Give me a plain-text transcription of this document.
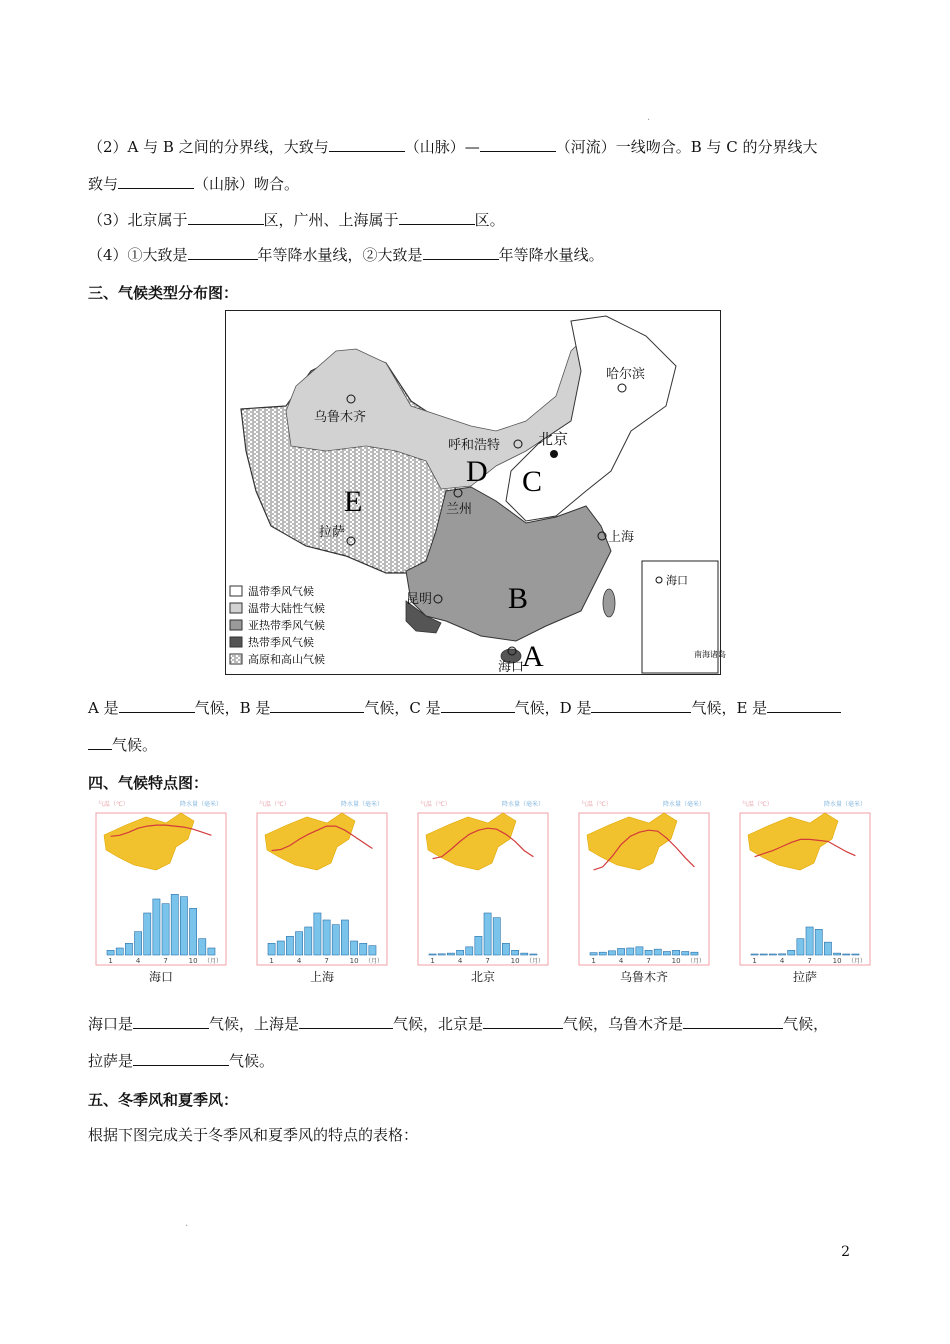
.
（2）A 与 B 之间的分界线，大致与	（山脉）—	（河流）一线吻合。B 与 C 的分界线大
致与	（山脉）吻合。
（3）北京属于	区，广州、上海属于	区。
（4）①大致是	年等降水量线，②大致是	年等降水量线。
三、气候类型分布图：
E
D C
B
A
乌鲁木齐
哈尔滨
呼和浩特	北京
兰州
拉萨	上海
昆明
海口
海口
南海诸岛
温带季风气候
温带大陆性气候
亚热带季风气候
热带季风气候
高原和高山气候
A 是	气候，B 是	气候，C 是	气候，D 是	气候，E 是
气候。
四、气候特点图：
1	4	7	10
海口
降水量（毫米）
气温（℃）
（月）	1	4	7	10
上海
降水量（毫米）
气温（℃）
（月）	1	4	7	10
北京
降水量（毫米）
气温（℃）
（月）	1	4	7	10
乌鲁木齐
降水量（毫米）
气温（℃）
（月）	1	4	7	10
拉萨
降水量（毫米）
气温（℃）
（月）
海口是	气候，上海是	气候，北京是	气候，乌鲁木齐是	气候，
拉萨是	气候。
五、冬季风和夏季风：
根据下图完成关于冬季风和夏季风的特点的表格：
.
2
